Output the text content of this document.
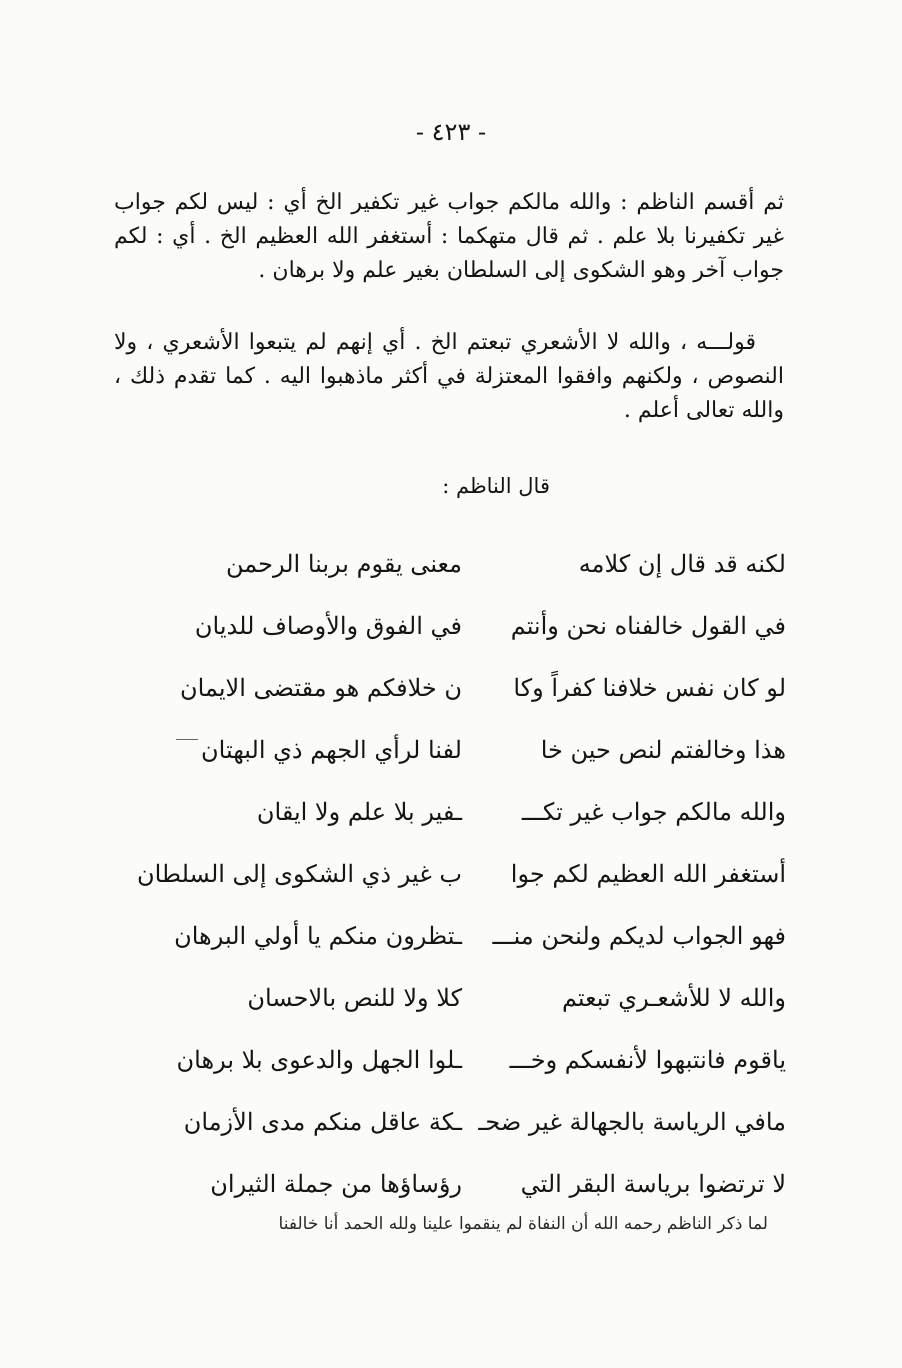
- ٤٢٣ -

ثم أقسم الناظم : والله مالكم جواب غير تكفير الخ أي : ليس لكم جواب غير تكفيرنا بلا علم . ثم قال متهكما : أستغفر الله العظيم الخ . أي : لكم جواب آخر وهو الشكوى إلى السلطان بغير علم ولا برهان .

قولـــه ، والله لا الأشعري تبعتم الخ . أي إنهم لم يتبعوا الأشعري ، ولا النصوص ، ولكنهم وافقوا المعتزلة في أكثر ماذهبوا اليه . كما تقدم ذلك ، والله تعالى أعلم .

قال الناظم :
لكنه قد قال إن كلامه
معنى يقوم بربنا الرحمن
في القول خالفناه نحن وأنتم
في الفوق والأوصاف للديان
لو كان نفس خلافنا كفراً وكا
ن خلافكم هو مقتضى الايمان
هذا وخالفتم لنص حين خا
لفنا لرأي الجهم ذي البهتان
والله مالكم جواب غير تكـــ
ـفير بلا علم ولا ايقان
أستغفر الله العظيم لكم جوا
ب غير ذي الشكوى إلى السلطان
فهو الجواب لديكم ولنحن منـــ
ـتظرون منكم يا أولي البرهان
والله لا للأشعـري تبعتم
كلا ولا للنص بالاحسان
ياقوم فانتبهوا لأنفسكم وخـــ
ـلوا الجهل والدعوى بلا برهان
مافي الرياسة بالجهالة غير ضحـ
ـكة عاقل منكم مدى الأزمان
لا ترتضوا برياسة البقر التي
رؤساؤها من جملة الثيران
لما ذكر الناظم رحمه الله أن النفاة لم ينقموا علينا ولله الحمد أنا خالفنا
